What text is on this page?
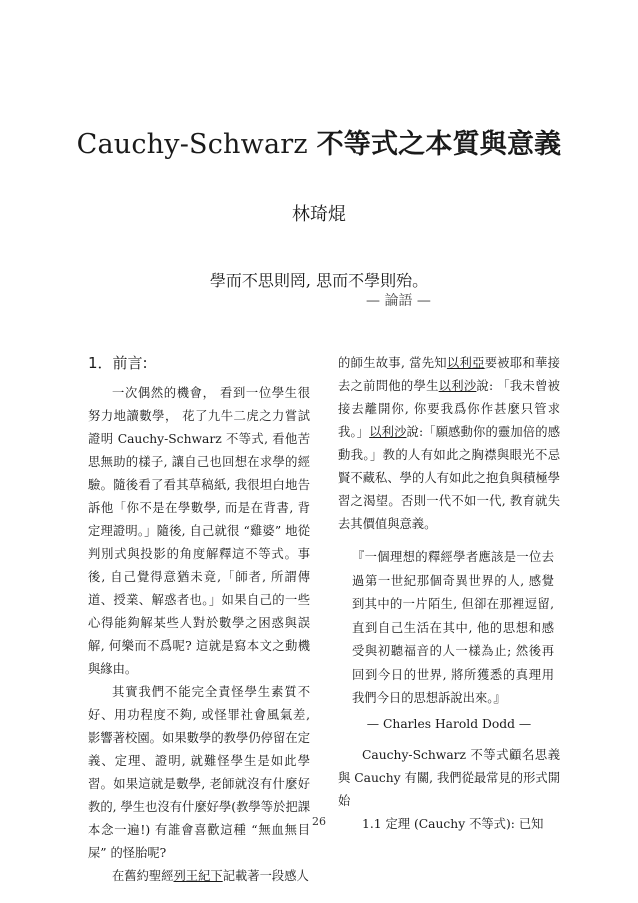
Cauchy-Schwarz 不等式之本質與意義
林琦焜
學而不思則罔, 思而不學則殆。
— 論語 —
1．前言:

一次偶然的機會， 看到一位學生很努力地讀數學， 花了九牛二虎之力嘗試證明 Cauchy-Schwarz 不等式, 看他苦思無助的樣子, 讓自己也回想在求學的經驗。隨後看了看其草稿紙, 我很坦白地告訴他「你不是在學數學, 而是在背書, 背定理證明。」隨後, 自己就很 “雞婆” 地從判別式與投影的角度解釋這不等式。事後, 自己覺得意猶未竟,「師者, 所謂傳道、授業、解惑者也。」如果自己的一些心得能夠解某些人對於數學之困惑與誤解, 何樂而不爲呢? 這就是寫本文之動機與緣由。

其實我們不能完全責怪學生素質不好、用功程度不夠, 或怪罪社會風氣差, 影響著校園。如果數學的教學仍停留在定義、定理、證明, 就難怪學生是如此學習。如果這就是數學, 老師就沒有什麼好教的, 學生也沒有什麼好學(教學等於把課本念一遍!) 有誰會喜歡這種 “無血無目屎” 的怪胎呢?

在舊約聖經列王紀下記載著一段感人

的師生故事, 當先知以利亞要被耶和華接去之前問他的學生以利沙說: 「我未曾被接去離開你, 你要我爲你作甚麼只管求我。」以利沙說:「願感動你的靈加倍的感動我。」教的人有如此之胸襟與眼光不忌賢不藏私、學的人有如此之抱負與積極學習之渴望。否則一代不如一代, 教育就失去其價值與意義。

『一個理想的釋經學者應該是一位去過第一世紀那個奇異世界的人, 感覺到其中的一片陌生, 但卻在那裡逗留, 直到自己生活在其中, 他的思想和感受與初聽福音的人一樣為止; 然後再回到今日的世界, 將所獲悉的真理用我們今日的思想訴說出來。』

— Charles Harold Dodd —

Cauchy-Schwarz 不等式顧名思義與 Cauchy 有關, 我們從最常見的形式開始

1.1 定理 (Cauchy 不等式): 已知

26
